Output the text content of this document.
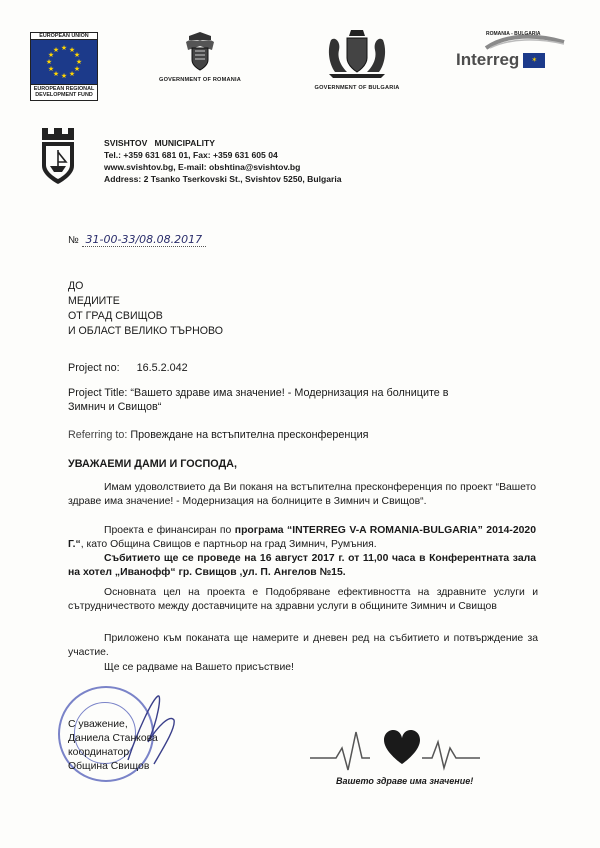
EUROPEAN UNION
★ ★
★
★
★
★
★
★
★
★
★
★
EUROPEAN REGIONAL DEVELOPMENT FUND
GOVERNMENT OF ROMANIA
GOVERNMENT OF BULGARIA
ROMANIA - BULGARIA
Interreg	✶
SVISHTOV   MUNICIPALITY
Tel.: +359 631 681 01, Fax: +359 631 605 04
www.svishtov.bg, E-mail: obshtina@svishtov.bg
Address: 2 Tsanko Tserkovski St., Svishtov 5250, Bulgaria
№ 31-00-33/08.08.2017
ДО
МЕДИИТЕ
ОТ ГРАД СВИЩОВ
И ОБЛАСТ ВЕЛИКО ТЪРНОВО
Project no: 16.5.2.042
Project Title: “Вашето здраве има значение! - Модернизация на болниците в
Зимнич и Свищов“
Referring to: Провеждане на встъпителна пресконференция
УВАЖАЕМИ ДАМИ И ГОСПОДА,
Имам удоволствието да Ви поканя на встъпителна пресконференция по проект “Вашето здраве има значение! - Модернизация на болниците в Зимнич и Свищов“.
Проекта е финансиран по програма “INTERREG V-A ROMANIA-BULGARIA” 2014-2020 Г.“, като Община Свищов е партньор на град Зимнич, Румъния.
Събитието ще се проведе на 16 август 2017 г. от 11,00 часа в Конферентната зала на хотел „Иванофф“ гр. Свищов ,ул. П. Ангелов №15.
Основната цел на проекта е Подобряване ефективността на здравните услуги и сътрудничеството между доставчиците на здравни услуги в общините Зимнич и Свищов
Приложено към поканата ще намерите и дневен ред на събитието и потвърждение за участие.
Ще се радваме на Вашето присъствие!
С уважение,
Даниела Станкова
координатор
Община Свищов
Вашето здраве има значение!
